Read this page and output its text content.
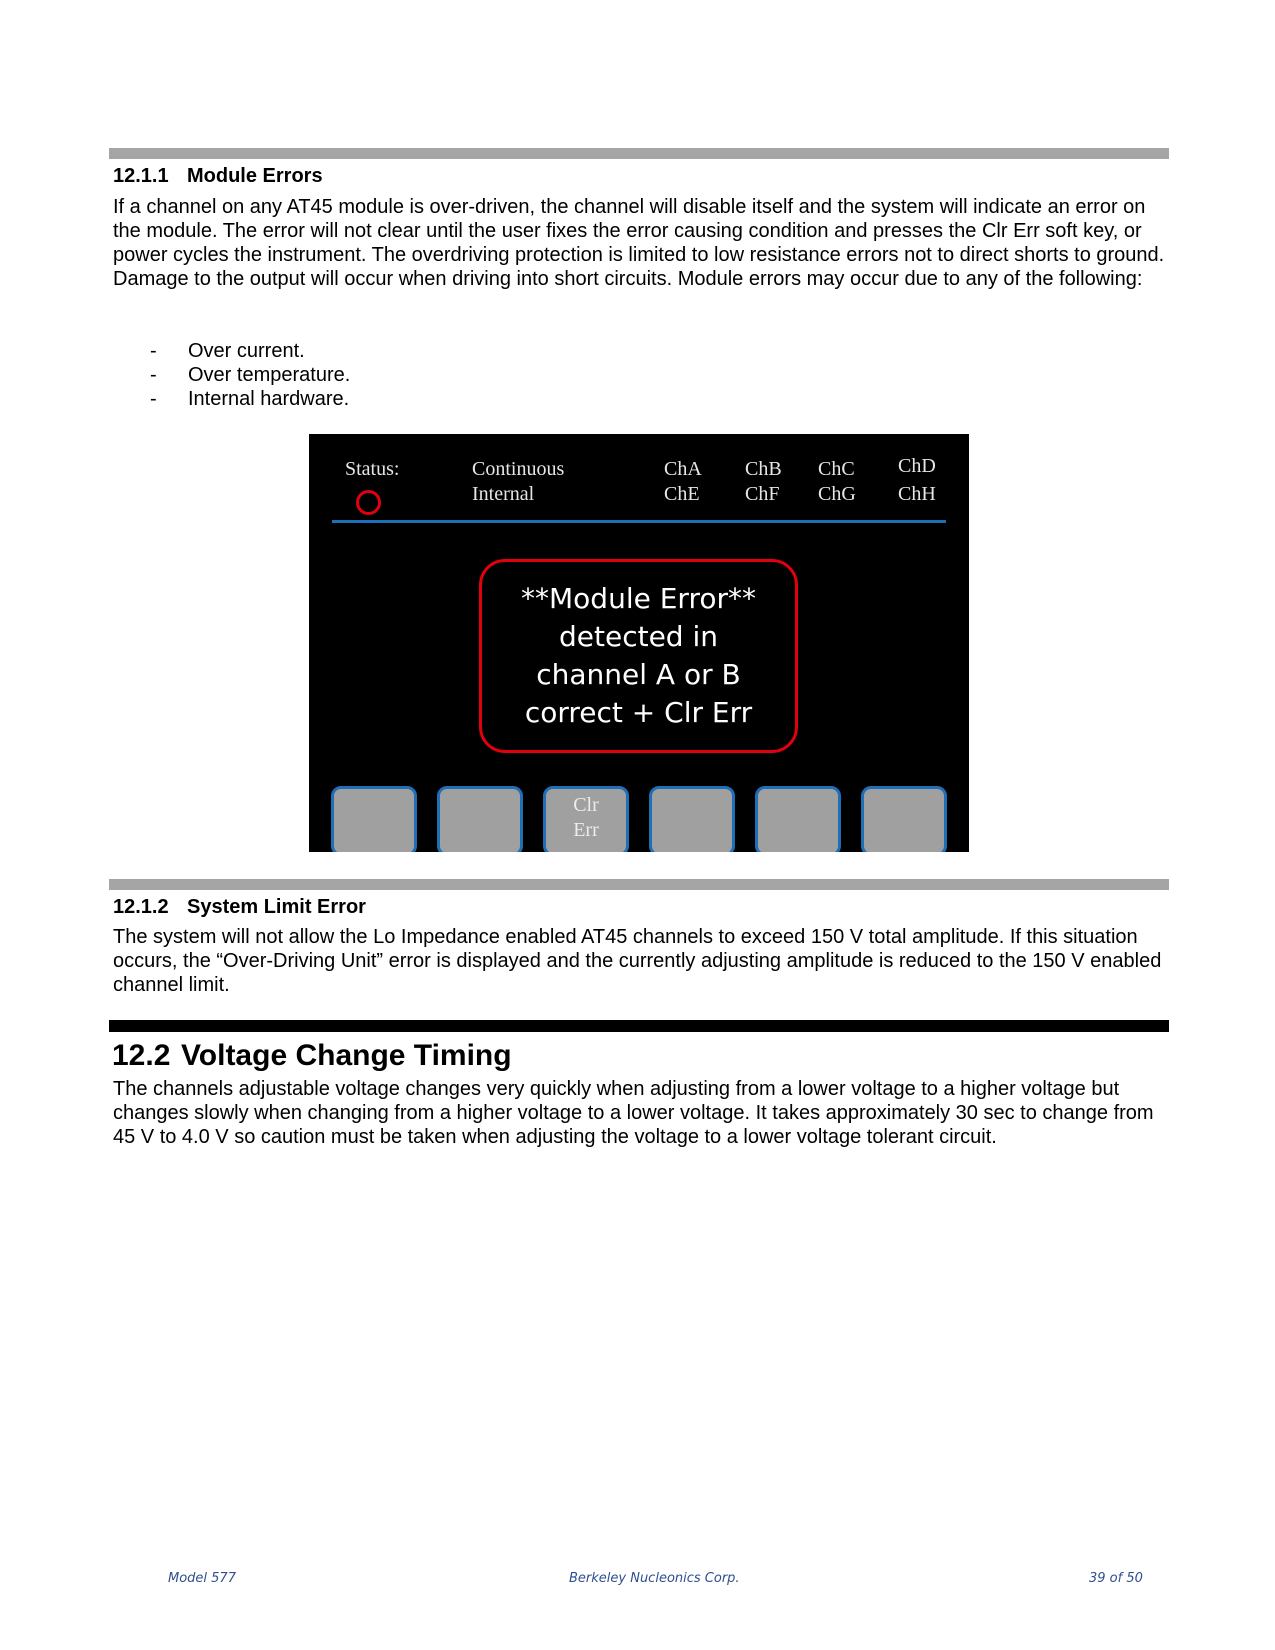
12.1.1 Module Errors

If a channel on any AT45 module is over-driven, the channel will disable itself and the system will indicate an error on the module. The error will not clear until the user fixes the error causing condition and presses the Clr Err soft key, or power cycles the instrument. The overdriving protection is limited to low resistance errors not to direct shorts to ground. Damage to the output will occur when driving into short circuits. Module errors may occur due to any of the following:

-	Over current.
-	Over temperature.
-	Internal hardware.
Status:	Continuous
Internal
ChA ChB ChC ChD
ChE ChF ChG ChH
**Module Error**
detected in
channel A or B
correct + Clr Err
Clr
Err
12.1.2 System Limit Error

The system will not allow the Lo Impedance enabled AT45 channels to exceed 150 V total amplitude. If this situation occurs, the “Over-Driving Unit” error is displayed and the currently adjusting amplitude is reduced to the 150 V enabled channel limit.

12.2 Voltage Change Timing

The channels adjustable voltage changes very quickly when adjusting from a lower voltage to a higher voltage but changes slowly when changing from a higher voltage to a lower voltage. It takes approximately 30 sec to change from 45 V to 4.0 V so caution must be taken when adjusting the voltage to a lower voltage tolerant circuit.

Model 577	Berkeley Nucleonics Corp.	39 of 50
